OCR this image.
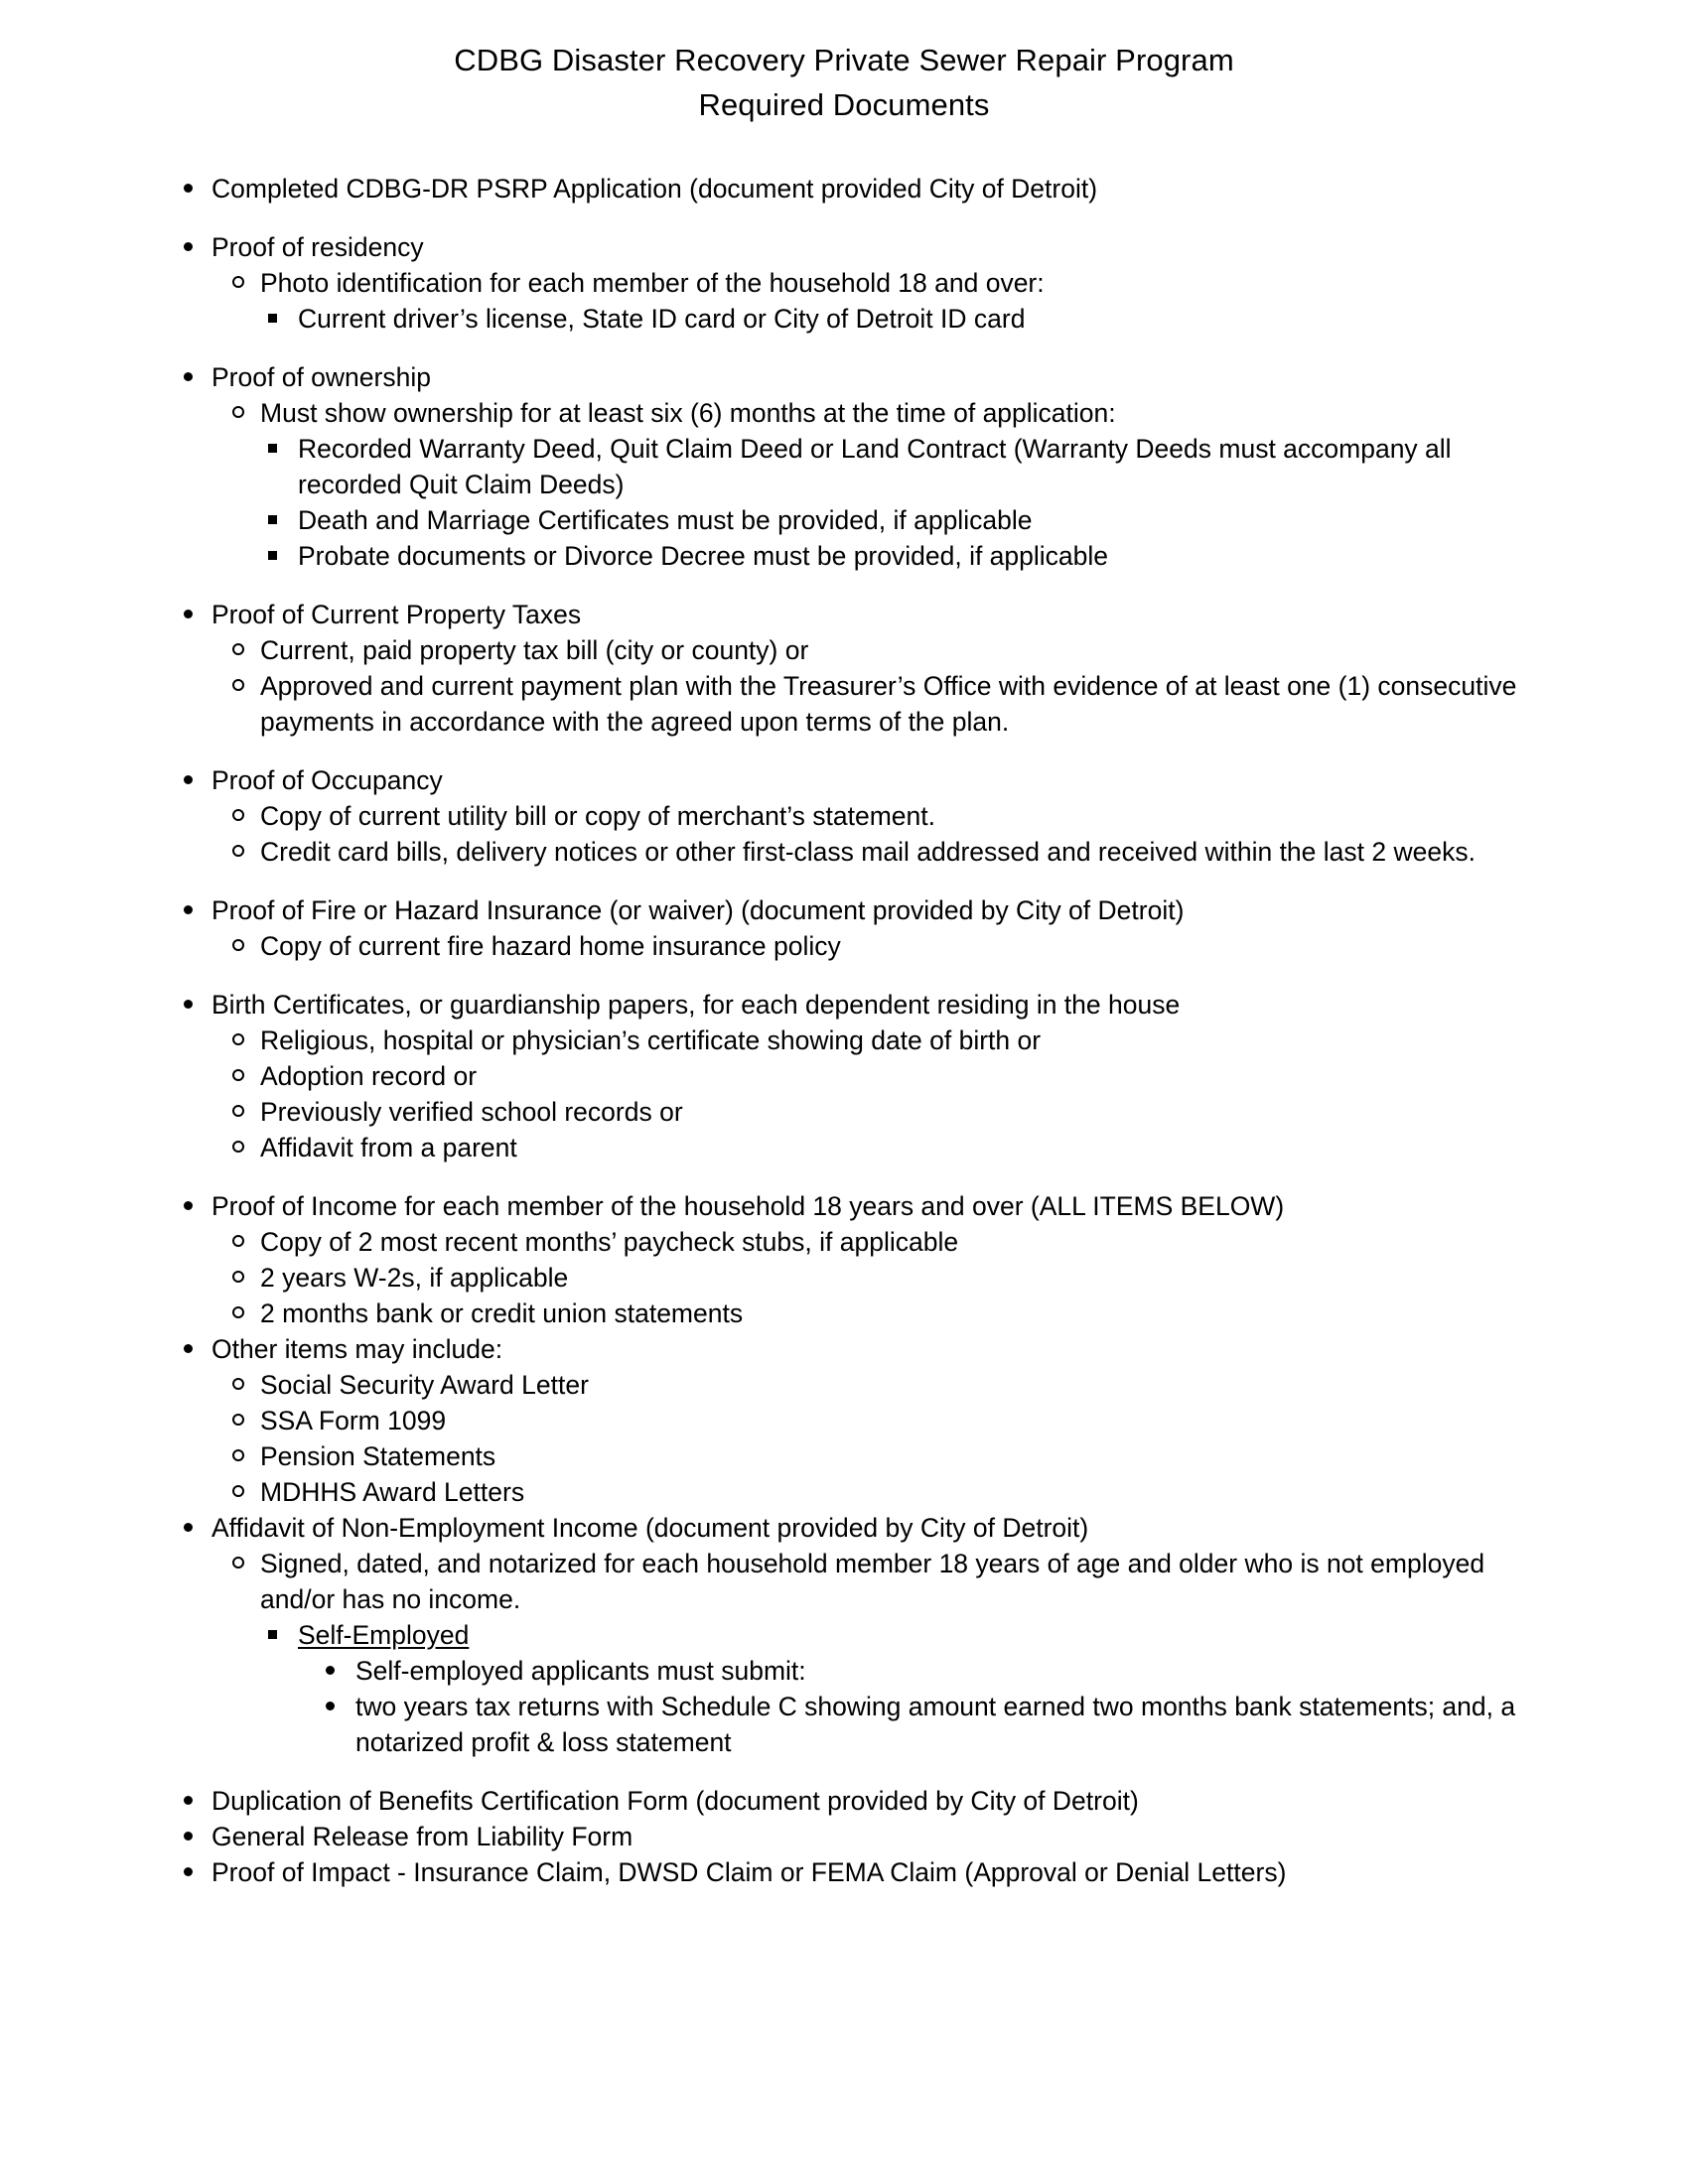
CDBG Disaster Recovery Private Sewer Repair Program
Required Documents
Completed CDBG-DR PSRP Application (document provided City of Detroit)
Proof of residency
Photo identification for each member of the household 18 and over:
Current driver’s license, State ID card or City of Detroit ID card
Proof of ownership
Must show ownership for at least six (6) months at the time of application:
Recorded Warranty Deed, Quit Claim Deed or Land Contract (Warranty Deeds must accompany all recorded Quit Claim Deeds)
Death and Marriage Certificates must be provided, if applicable
Probate documents or Divorce Decree must be provided, if applicable
Proof of Current Property Taxes
Current, paid property tax bill (city or county) or
Approved and current payment plan with the Treasurer’s Office with evidence of at least one (1) consecutive payments in accordance with the agreed upon terms of the plan.
Proof of Occupancy
Copy of current utility bill or copy of merchant’s statement.
Credit card bills, delivery notices or other first-class mail addressed and received within the last 2 weeks.
Proof of Fire or Hazard Insurance (or waiver) (document provided by City of Detroit)
Copy of current fire hazard home insurance policy
Birth Certificates, or guardianship papers, for each dependent residing in the house
Religious, hospital or physician’s certificate showing date of birth or
Adoption record or
Previously verified school records or
Affidavit from a parent
Proof of Income for each member of the household 18 years and over (ALL ITEMS BELOW)
Copy of 2 most recent months’ paycheck stubs, if applicable
2 years W-2s, if applicable
2 months bank or credit union statements
Other items may include:
Social Security Award Letter
SSA Form 1099
Pension Statements
MDHHS Award Letters
Affidavit of Non-Employment Income (document provided by City of Detroit)
Signed, dated, and notarized for each household member 18 years of age and older who is not employed and/or has no income.
Self-Employed
Self-employed applicants must submit:
two years tax returns with Schedule C showing amount earned two months bank statements; and, a notarized profit & loss statement
Duplication of Benefits Certification Form (document provided by City of Detroit)
General Release from Liability Form
Proof of Impact - Insurance Claim, DWSD Claim or FEMA Claim (Approval or Denial Letters)
